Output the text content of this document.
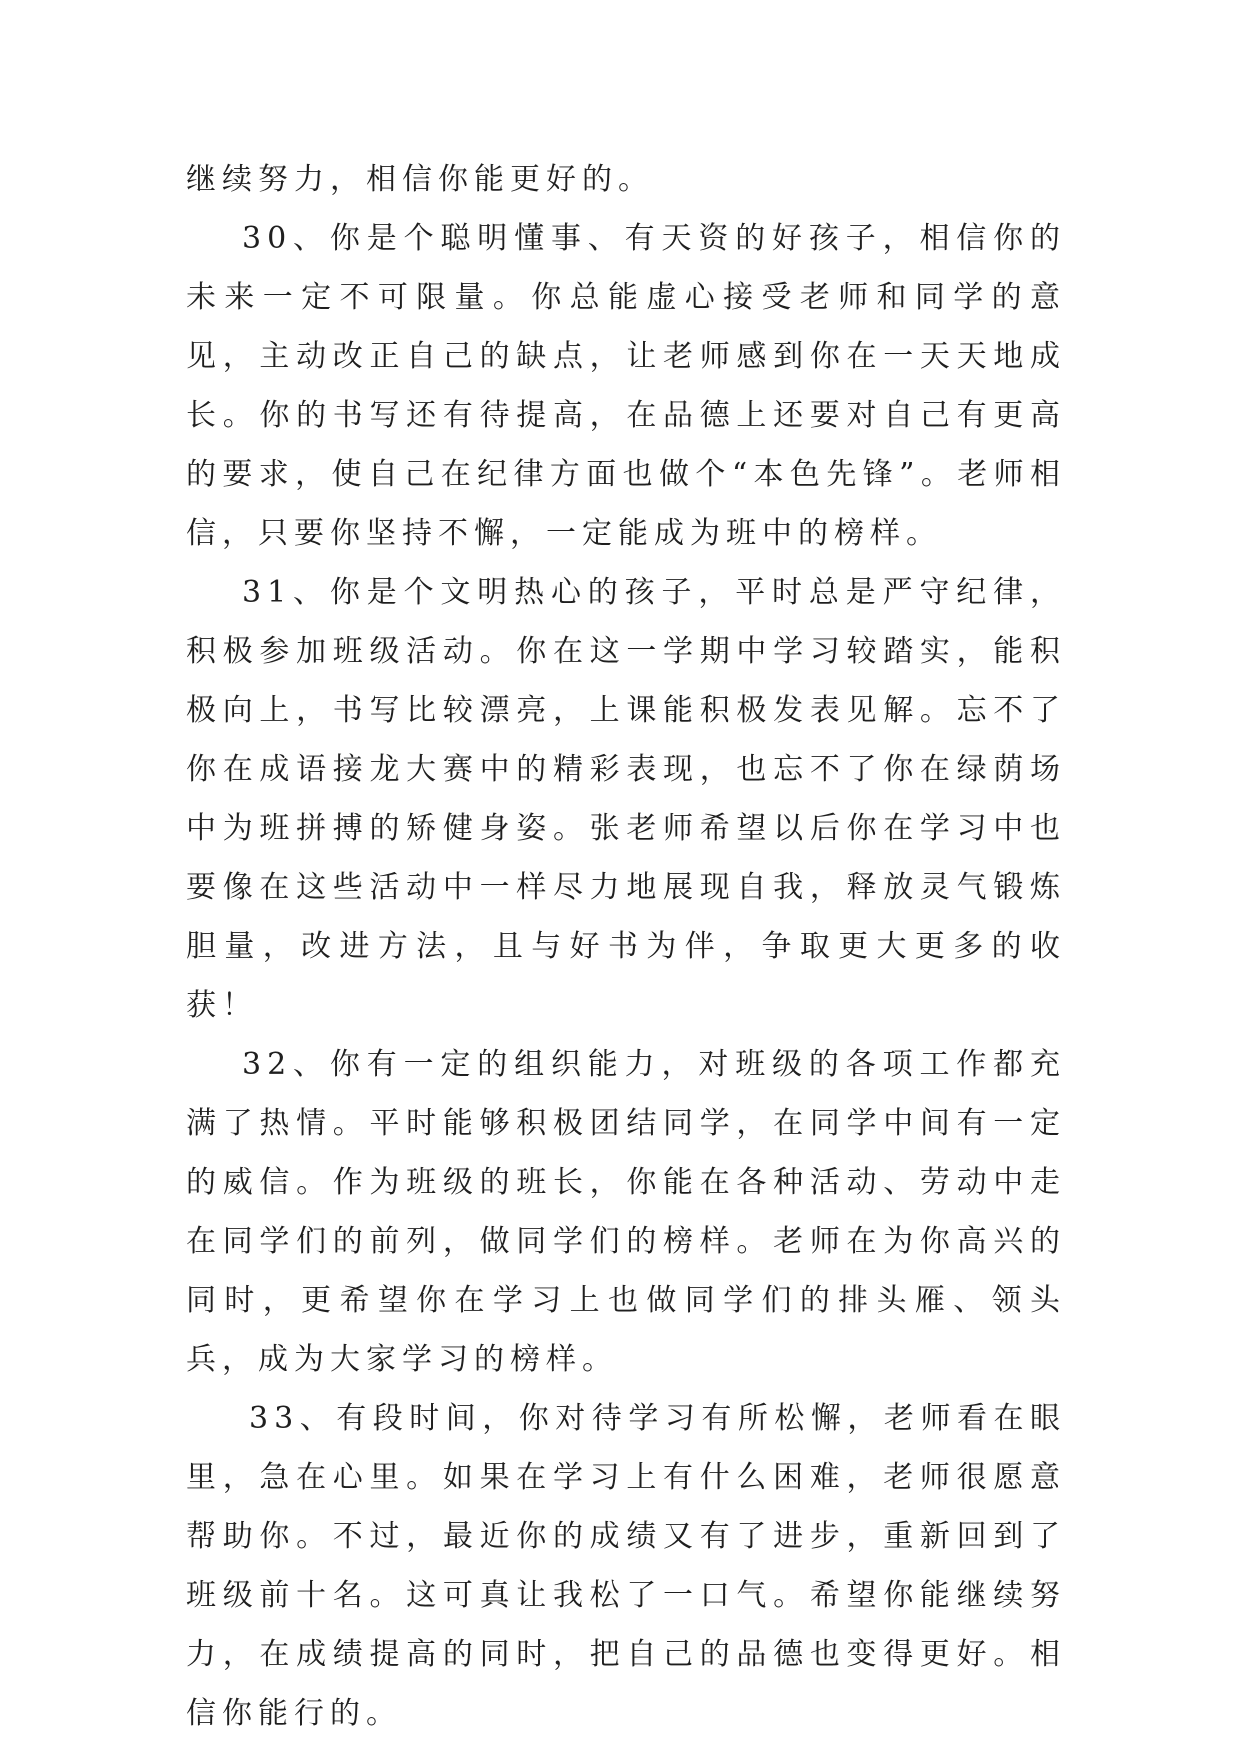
继续努力，相信你能更好的。

30、你是个聪明懂事、有天资的好孩子，相信你的未来一定不可限量。你总能虚心接受老师和同学的意见，主动改正自己的缺点，让老师感到你在一天天地成长。你的书写还有待提高，在品德上还要对自己有更高的要求，使自己在纪律方面也做个“本色先锋”。老师相信，只要你坚持不懈，一定能成为班中的榜样。

31、你是个文明热心的孩子，平时总是严守纪律，积极参加班级活动。你在这一学期中学习较踏实，能积极向上，书写比较漂亮，上课能积极发表见解。忘不了你在成语接龙大赛中的精彩表现，也忘不了你在绿荫场中为班拼搏的矫健身姿。张老师希望以后你在学习中也要像在这些活动中一样尽力地展现自我，释放灵气锻炼胆量，改进方法，且与好书为伴，争取更大更多的收获！

32、你有一定的组织能力，对班级的各项工作都充满了热情。平时能够积极团结同学，在同学中间有一定的威信。作为班级的班长，你能在各种活动、劳动中走在同学们的前列，做同学们的榜样。老师在为你高兴的同时，更希望你在学习上也做同学们的排头雁、领头兵，成为大家学习的榜样。

33、有段时间，你对待学习有所松懈，老师看在眼里，急在心里。如果在学习上有什么困难，老师很愿意帮助你。不过，最近你的成绩又有了进步，重新回到了班级前十名。这可真让我松了一口气。希望你能继续努力，在成绩提高的同时，把自己的品德也变得更好。相信你能行的。
